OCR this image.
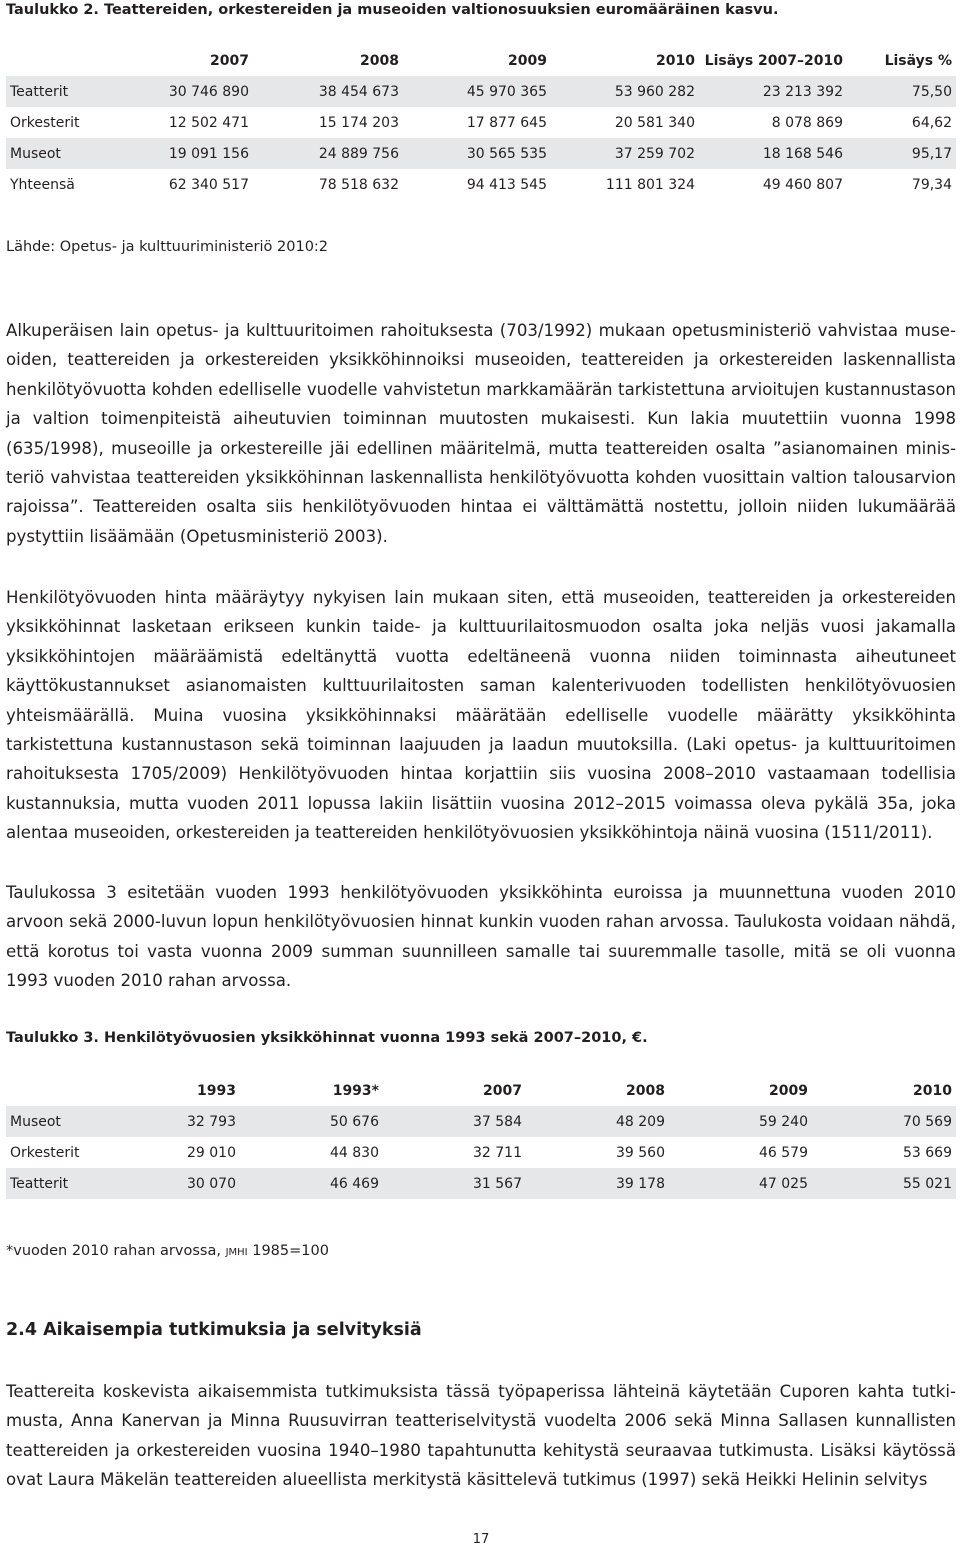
Taulukko 2. Teattereiden, orkestereiden ja museoiden valtionosuuksien euromääräinen kasvu.
	2007	2008	2009	2010	Lisäys 2007–2010	Lisäys %
Teatterit	30 746 890	38 454 673	45 970 365	53 960 282	23 213 392	75,50
Orkesterit	12 502 471	15 174 203	17 877 645	20 581 340	8 078 869	64,62
Museot	19 091 156	24 889 756	30 565 535	37 259 702	18 168 546	95,17
Yhteensä	62 340 517	78 518 632	94 413 545	111 801 324	49 460 807	79,34
Lähde: Opetus- ja kulttuuriministeriö 2010:2

Alkuperäisen lain opetus- ja kulttuuritoimen rahoituksesta (703/1992) mukaan opetusministeriö vahvistaa museoiden, teattereiden ja orkestereiden yksikköhinnoiksi museoiden, teattereiden ja orkestereiden laskennallista henkilötyövuotta kohden edelliselle vuodelle vahvistetun markkamäärän tarkistettuna arvioitujen kustannustason ja valtion toimenpiteistä aiheutuvien toiminnan muutosten mukaisesti. Kun lakia muutettiin vuonna 1998 (635/1998), museoille ja orkestereille jäi edellinen määritelmä, mutta teattereiden osalta ”asianomainen ministeriö vahvistaa teattereiden yksikköhinnan laskennallista henkilötyövuotta kohden vuosittain valtion talousarvion rajoissa”. Teattereiden osalta siis henkilötyövuoden hintaa ei välttämättä nostettu, jolloin niiden lukumäärää pystyttiin lisäämään (Opetusministeriö 2003).

Henkilötyövuoden hinta määräytyy nykyisen lain mukaan siten, että museoiden, teattereiden ja orkestereiden yksikköhinnat lasketaan erikseen kunkin taide- ja kulttuurilaitosmuodon osalta joka neljäs vuosi jakamalla yksikköhintojen määräämistä edeltänyttä vuotta edeltäneenä vuonna niiden toiminnasta aiheutuneet käyttökustannukset asianomaisten kulttuurilaitosten saman kalenterivuoden todellisten henkilötyövuosien yhteismäärällä. Muina vuosina yksikköhinnaksi määrätään edelliselle vuodelle määrätty yksikköhinta tarkistettuna kustannustason sekä toiminnan laajuuden ja laadun muutoksilla. (Laki opetus- ja kulttuuritoimen rahoituksesta 1705/2009) Henkilötyövuoden hintaa korjattiin siis vuosina 2008–2010 vastaamaan todellisia kustannuksia, mutta vuoden 2011 lopussa lakiin lisättiin vuosina 2012–2015 voimassa oleva pykälä 35a, joka alentaa museoiden, orkestereiden ja teattereiden henkilötyövuosien yksikköhintoja näinä vuosina (1511/2011).

Taulukossa 3 esitetään vuoden 1993 henkilötyövuoden yksikköhinta euroissa ja muunnettuna vuoden 2010 arvoon sekä 2000-luvun lopun henkilötyövuosien hinnat kunkin vuoden rahan arvossa. Taulukosta voidaan nähdä, että korotus toi vasta vuonna 2009 summan suunnilleen samalle tai suuremmalle tasolle, mitä se oli vuonna 1993 vuoden 2010 rahan arvossa.

Taulukko 3. Henkilötyövuosien yksikköhinnat vuonna 1993 sekä 2007–2010, €.
	1993	1993*	2007	2008	2009	2010
Museot	32 793	50 676	37 584	48 209	59 240	70 569
Orkesterit	29 010	44 830	32 711	39 560	46 579	53 669
Teatterit	30 070	46 469	31 567	39 178	47 025	55 021
*vuoden 2010 rahan arvossa, jmhi 1985=100
2.4 Aikaisempia tutkimuksia ja selvityksiä

Teattereita koskevista aikaisemmista tutkimuksista tässä työpaperissa lähteinä käytetään Cuporen kahta tutkimusta, Anna Kanervan ja Minna Ruusuvirran teatteriselvitystä vuodelta 2006 sekä Minna Sallasen kunnallisten teattereiden ja orkestereiden vuosina 1940–1980 tapahtunutta kehitystä seuraavaa tutkimusta. Lisäksi käytössä ovat Laura Mäkelän teattereiden alueellista merkitystä käsittelevä tutkimus (1997) sekä Heikki Helinin selvitys

17
